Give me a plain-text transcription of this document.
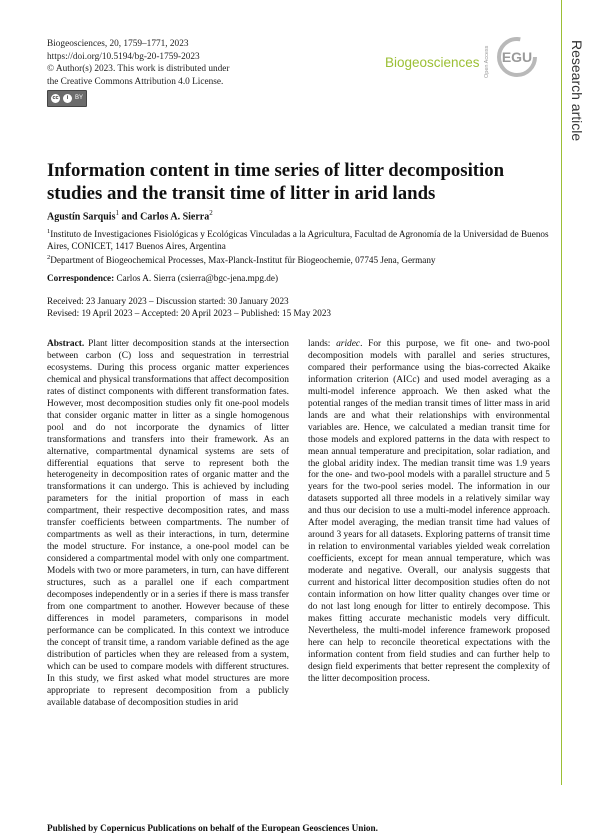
Biogeosciences, 20, 1759–1771, 2023
https://doi.org/10.5194/bg-20-1759-2023
© Author(s) 2023. This work is distributed under
the Creative Commons Attribution 4.0 License.
cc	i	BY
Biogeosciences Open Access EGU	Research article
Information content in time series of litter decomposition studies and the transit time of litter in arid lands
Agustín Sarquis$^1$ and Carlos A. Sierra$^2$
$^1$Instituto de Investigaciones Fisiológicas y Ecológicas Vinculadas a la Agricultura, Facultad de Agronomía de la Universidad de Buenos Aires, CONICET, 1417 Buenos Aires, Argentina
$^2$Department of Biogeochemical Processes, Max-Planck-Institut für Biogeochemie, 07745 Jena, Germany
Correspondence: Carlos A. Sierra (csierra@bgc-jena.mpg.de)
Received: 23 January 2023 – Discussion started: 30 January 2023
Revised: 19 April 2023 – Accepted: 20 April 2023 – Published: 15 May 2023
Abstract. Plant litter decomposition stands at the intersection between carbon (C) loss and sequestration in terrestrial ecosystems. During this process organic matter experiences chemical and physical transformations that affect decomposition rates of distinct components with different transformation fates. However, most decomposition studies only fit one-pool models that consider organic matter in litter as a single homogenous pool and do not incorporate the dynamics of litter transformations and transfers into their framework. As an alternative, compartmental dynamical systems are sets of differential equations that serve to represent both the heterogeneity in decomposition rates of organic matter and the transformations it can undergo. This is achieved by including parameters for the initial proportion of mass in each compartment, their respective decomposition rates, and mass transfer coefficients between compartments. The number of compartments as well as their interactions, in turn, determine the model structure. For instance, a one-pool model can be considered a compartmental model with only one compartment. Models with two or more parameters, in turn, can have different structures, such as a parallel one if each compartment decomposes independently or in a series if there is mass transfer from one compartment to another. However because of these differences in model parameters, comparisons in model performance can be complicated. In this context we introduce the concept of transit time, a random variable defined as the age distribution of particles when they are released from a system, which can be used to compare models with different structures. In this study, we first asked what model structures are more appropriate to represent decomposition from a publicly available database of decomposition studies in arid
lands: aridec. For this purpose, we fit one- and two-pool decomposition models with parallel and series structures, compared their performance using the bias-corrected Akaike information criterion (AICc) and used model averaging as a multi-model inference approach. We then asked what the potential ranges of the median transit times of litter mass in arid lands are and what their relationships with environmental variables are. Hence, we calculated a median transit time for those models and explored patterns in the data with respect to mean annual temperature and precipitation, solar radiation, and the global aridity index. The median transit time was 1.9 years for the one- and two-pool models with a parallel structure and 5 years for the two-pool series model. The information in our datasets supported all three models in a relatively similar way and thus our decision to use a multi-model inference approach. After model averaging, the median transit time had values of around 3 years for all datasets. Exploring patterns of transit time in relation to environmental variables yielded weak correlation coefficients, except for mean annual temperature, which was moderate and negative. Overall, our analysis suggests that current and historical litter decomposition studies often do not contain information on how litter quality changes over time or do not last long enough for litter to entirely decompose. This makes fitting accurate mechanistic models very difficult. Nevertheless, the multi-model inference framework proposed here can help to reconcile theoretical expectations with the information content from field studies and can further help to design field experiments that better represent the complexity of the litter decomposition process.
Published by Copernicus Publications on behalf of the European Geosciences Union.
